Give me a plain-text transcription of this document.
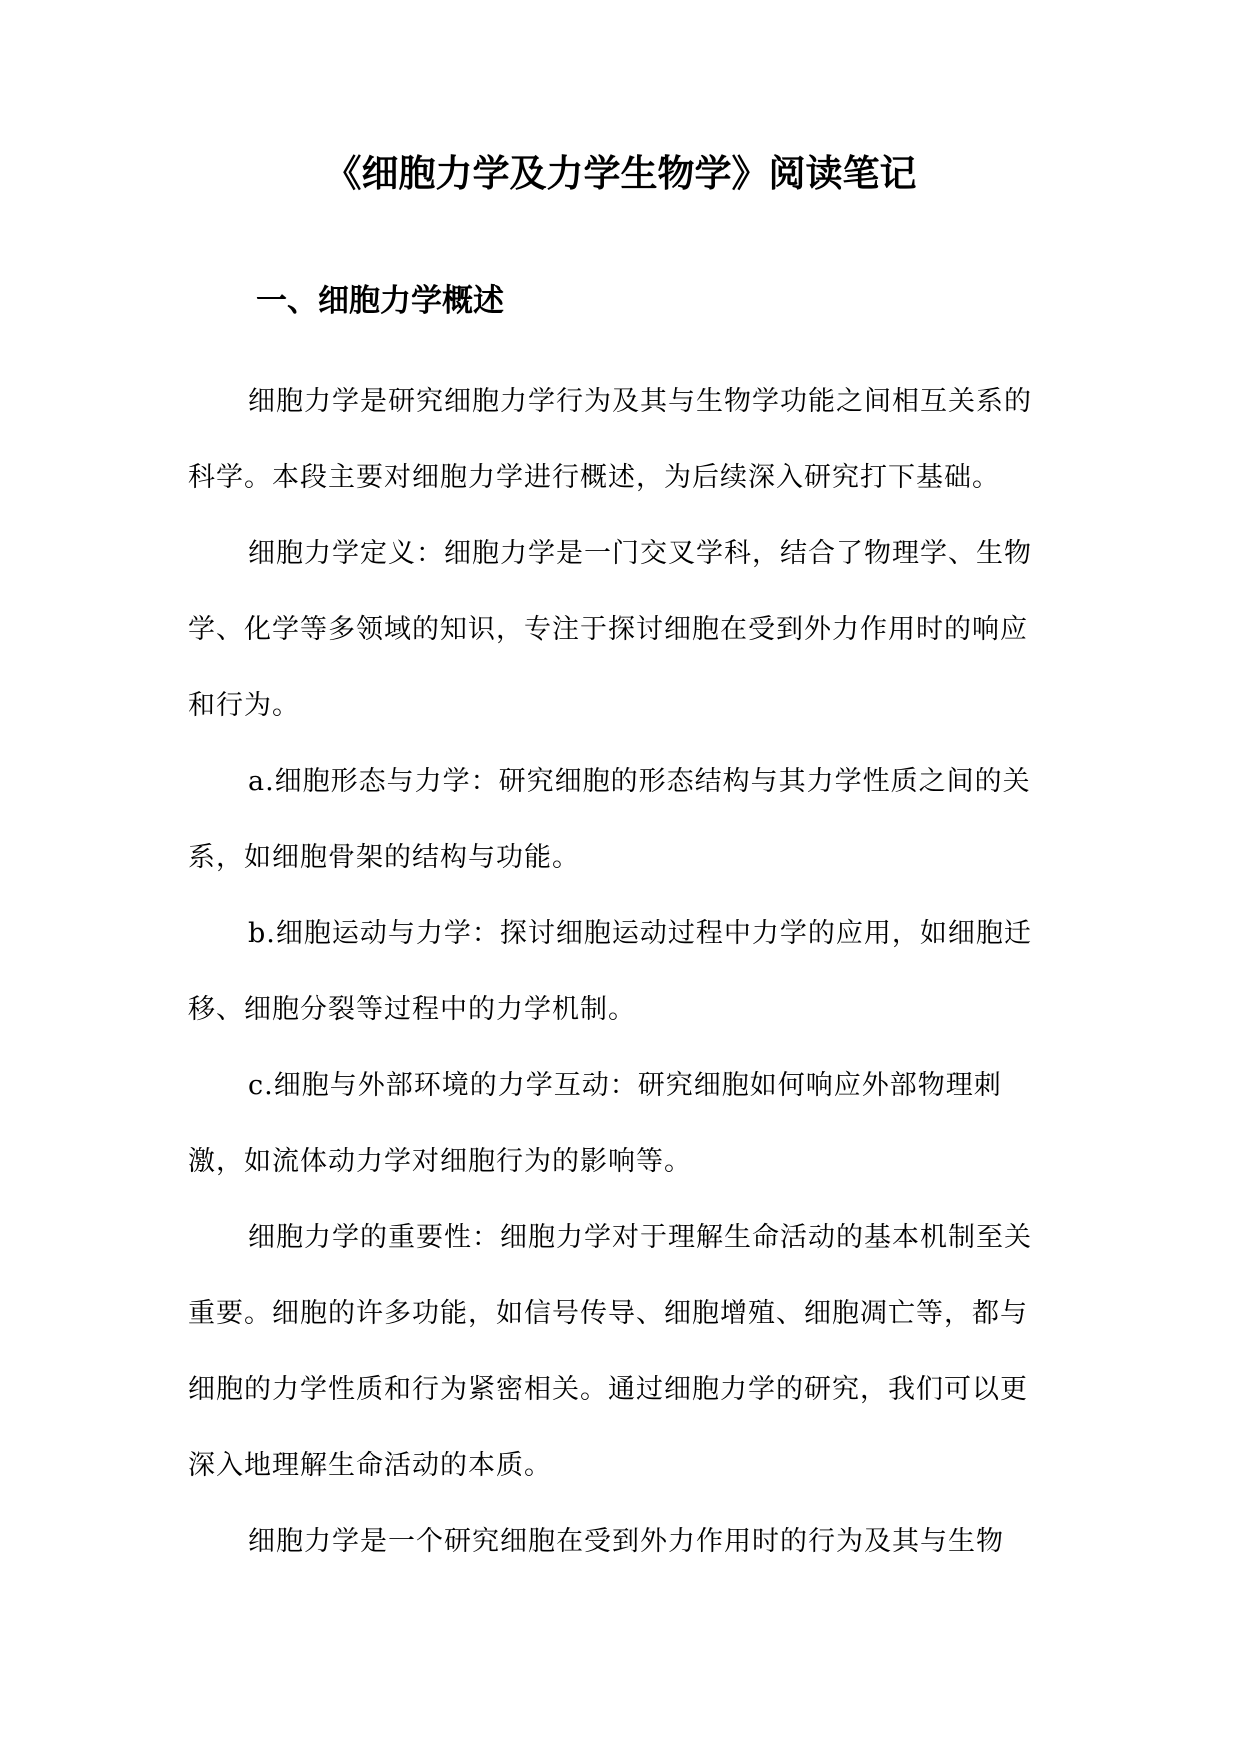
《细胞力学及力学生物学》阅读笔记
一、细胞力学概述

细胞力学是研究细胞力学行为及其与生物学功能之间相互关系的科学。本段主要对细胞力学进行概述，为后续深入研究打下基础。

细胞力学定义：细胞力学是一门交叉学科，结合了物理学、生物学、化学等多领域的知识，专注于探讨细胞在受到外力作用时的响应和行为。

a.细胞形态与力学：研究细胞的形态结构与其力学性质之间的关系，如细胞骨架的结构与功能。

b.细胞运动与力学：探讨细胞运动过程中力学的应用，如细胞迁移、细胞分裂等过程中的力学机制。

c.细胞与外部环境的力学互动：研究细胞如何响应外部物理刺激，如流体动力学对细胞行为的影响等。

细胞力学的重要性：细胞力学对于理解生命活动的基本机制至关重要。细胞的许多功能，如信号传导、细胞增殖、细胞凋亡等，都与细胞的力学性质和行为紧密相关。通过细胞力学的研究，我们可以更深入地理解生命活动的本质。

细胞力学是一个研究细胞在受到外力作用时的行为及其与生物
